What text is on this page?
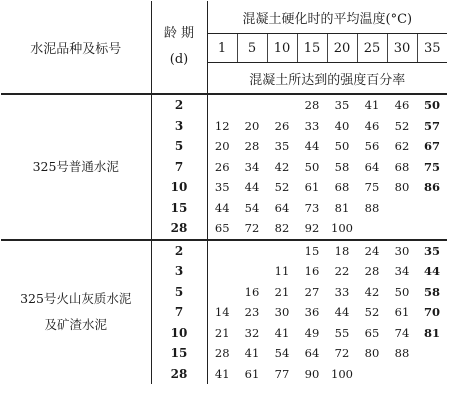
水泥品种及标号	龄 期
(d)	混凝土硬化时的平均温度(°C)							
		1	5	10	15	20	25	30	35
		混凝土所达到的强度百分率							

325号普通水泥	2				28	35	41	46	50
	3	12	20	26	33	40	46	52	57
	5	20	28	35	44	50	56	62	67
	7	26	34	42	50	58	64	68	75
	10	35	44	52	61	68	75	80	86
	15	44	54	64	73	81	88		
	28	65	72	82	92	100			

325号火山灰质水泥
及矿渣水泥	2				15	18	24	30	35
	3			11	16	22	28	34	44
	5		16	21	27	33	42	50	58
	7	14	23	30	36	44	52	61	70
	10	21	32	41	49	55	65	74	81
	15	28	41	54	64	72	80	88	
	28	41	61	77	90	100			
